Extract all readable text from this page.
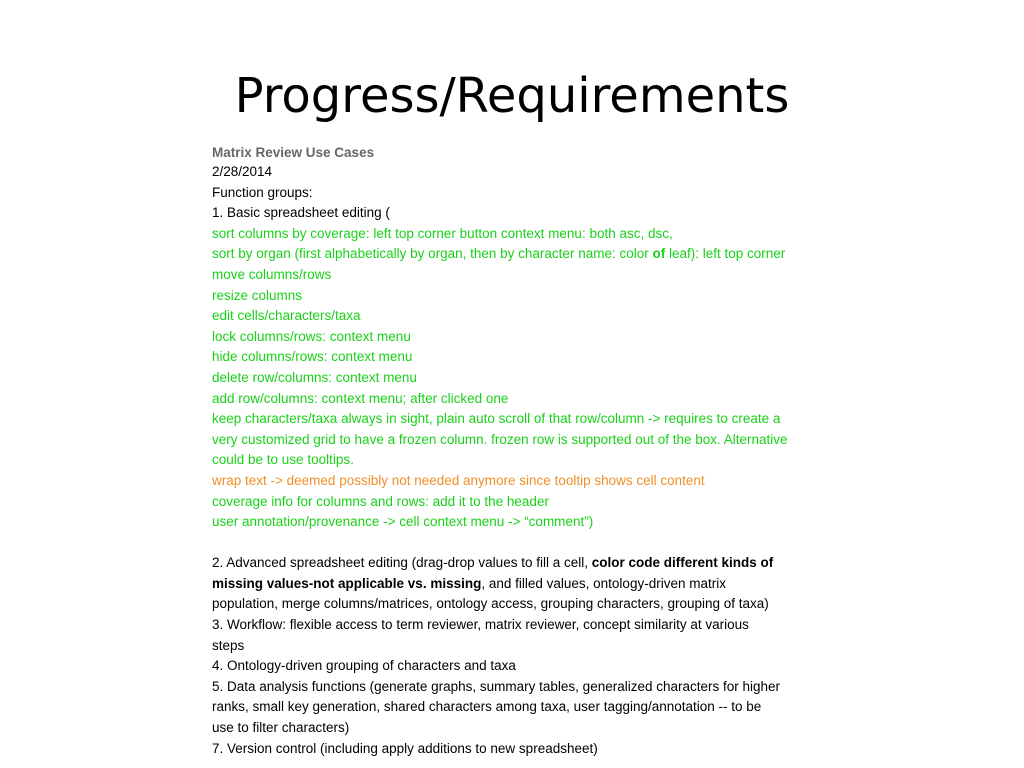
Progress/Requirements
Matrix Review Use Cases
2/28/2014
Function groups:
1. Basic spreadsheet editing (
sort columns by coverage: left top corner button context menu: both asc, dsc,
sort by organ (first alphabetically by organ, then by character name: color of leaf): left top corner
move columns/rows
resize columns
edit cells/characters/taxa
lock columns/rows: context menu
hide columns/rows: context menu
delete row/columns: context menu
add row/columns: context menu; after clicked one
keep characters/taxa always in sight, plain auto scroll of that row/column -> requires to create a
very customized grid to have a frozen column. frozen row is supported out of the box. Alternative
could be to use tooltips.
wrap text -> deemed possibly not needed anymore since tooltip shows cell content
coverage info for columns and rows: add it to the header
user annotation/provenance -> cell context menu -> “comment”)
2. Advanced spreadsheet editing (drag-drop values to fill a cell, color code different kinds of
missing values-not applicable vs. missing, and filled values, ontology-driven matrix
population, merge columns/matrices, ontology access, grouping characters, grouping of taxa)
3. Workflow: flexible access to term reviewer, matrix reviewer, concept similarity at various
steps
4. Ontology-driven grouping of characters and taxa
5. Data analysis functions (generate graphs, summary tables, generalized characters for higher
ranks, small key generation, shared characters among taxa, user tagging/annotation -- to be
use to filter characters)
7. Version control (including apply additions to new spreadsheet)
